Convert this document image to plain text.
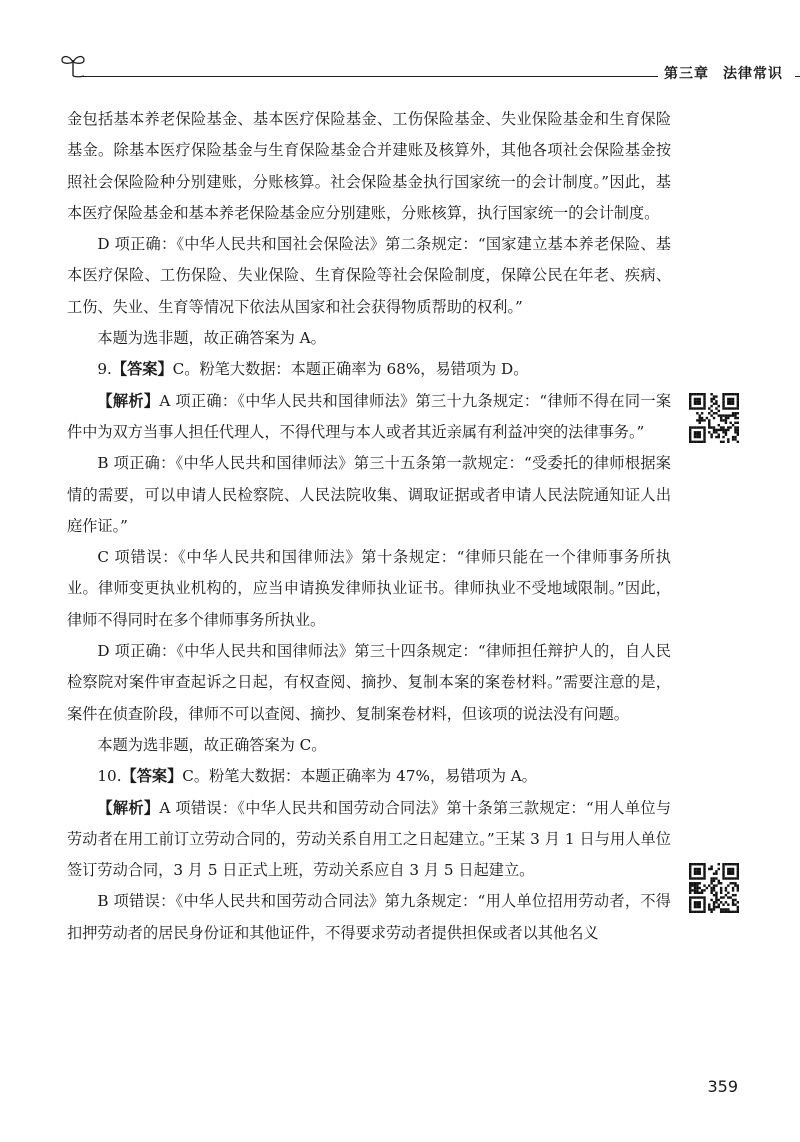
第三章 法律常识

金包括基本养老保险基金、基本医疗保险基金、工伤保险基金、失业保险基金和生育保险基金。除基本医疗保险基金与生育保险基金合并建账及核算外，其他各项社会保险基金按照社会保险险种分别建账，分账核算。社会保险基金执行国家统一的会计制度。”因此，基本医疗保险基金和基本养老保险基金应分别建账，分账核算，执行国家统一的会计制度。

D 项正确：《中华人民共和国社会保险法》第二条规定：“国家建立基本养老保险、基本医疗保险、工伤保险、失业保险、生育保险等社会保险制度，保障公民在年老、疾病、工伤、失业、生育等情况下依法从国家和社会获得物质帮助的权利。”

本题为选非题，故正确答案为 A。

9.【答案】C。粉笔大数据：本题正确率为 68%，易错项为 D。

【解析】A 项正确：《中华人民共和国律师法》第三十九条规定：“律师不得在同一案件中为双方当事人担任代理人，不得代理与本人或者其近亲属有利益冲突的法律事务。”

B 项正确：《中华人民共和国律师法》第三十五条第一款规定：“受委托的律师根据案情的需要，可以申请人民检察院、人民法院收集、调取证据或者申请人民法院通知证人出庭作证。”

C 项错误：《中华人民共和国律师法》第十条规定：“律师只能在一个律师事务所执业。律师变更执业机构的，应当申请换发律师执业证书。律师执业不受地域限制。”因此，律师不得同时在多个律师事务所执业。

D 项正确：《中华人民共和国律师法》第三十四条规定：“律师担任辩护人的，自人民检察院对案件审查起诉之日起，有权查阅、摘抄、复制本案的案卷材料。”需要注意的是，案件在侦查阶段，律师不可以查阅、摘抄、复制案卷材料，但该项的说法没有问题。

本题为选非题，故正确答案为 C。

10.【答案】C。粉笔大数据：本题正确率为 47%，易错项为 A。

【解析】A 项错误：《中华人民共和国劳动合同法》第十条第三款规定：“用人单位与劳动者在用工前订立劳动合同的，劳动关系自用工之日起建立。”王某 3 月 1 日与用人单位签订劳动合同，3 月 5 日正式上班，劳动关系应自 3 月 5 日起建立。

B 项错误：《中华人民共和国劳动合同法》第九条规定：“用人单位招用劳动者，不得扣押劳动者的居民身份证和其他证件，不得要求劳动者提供担保或者以其他名义

359
